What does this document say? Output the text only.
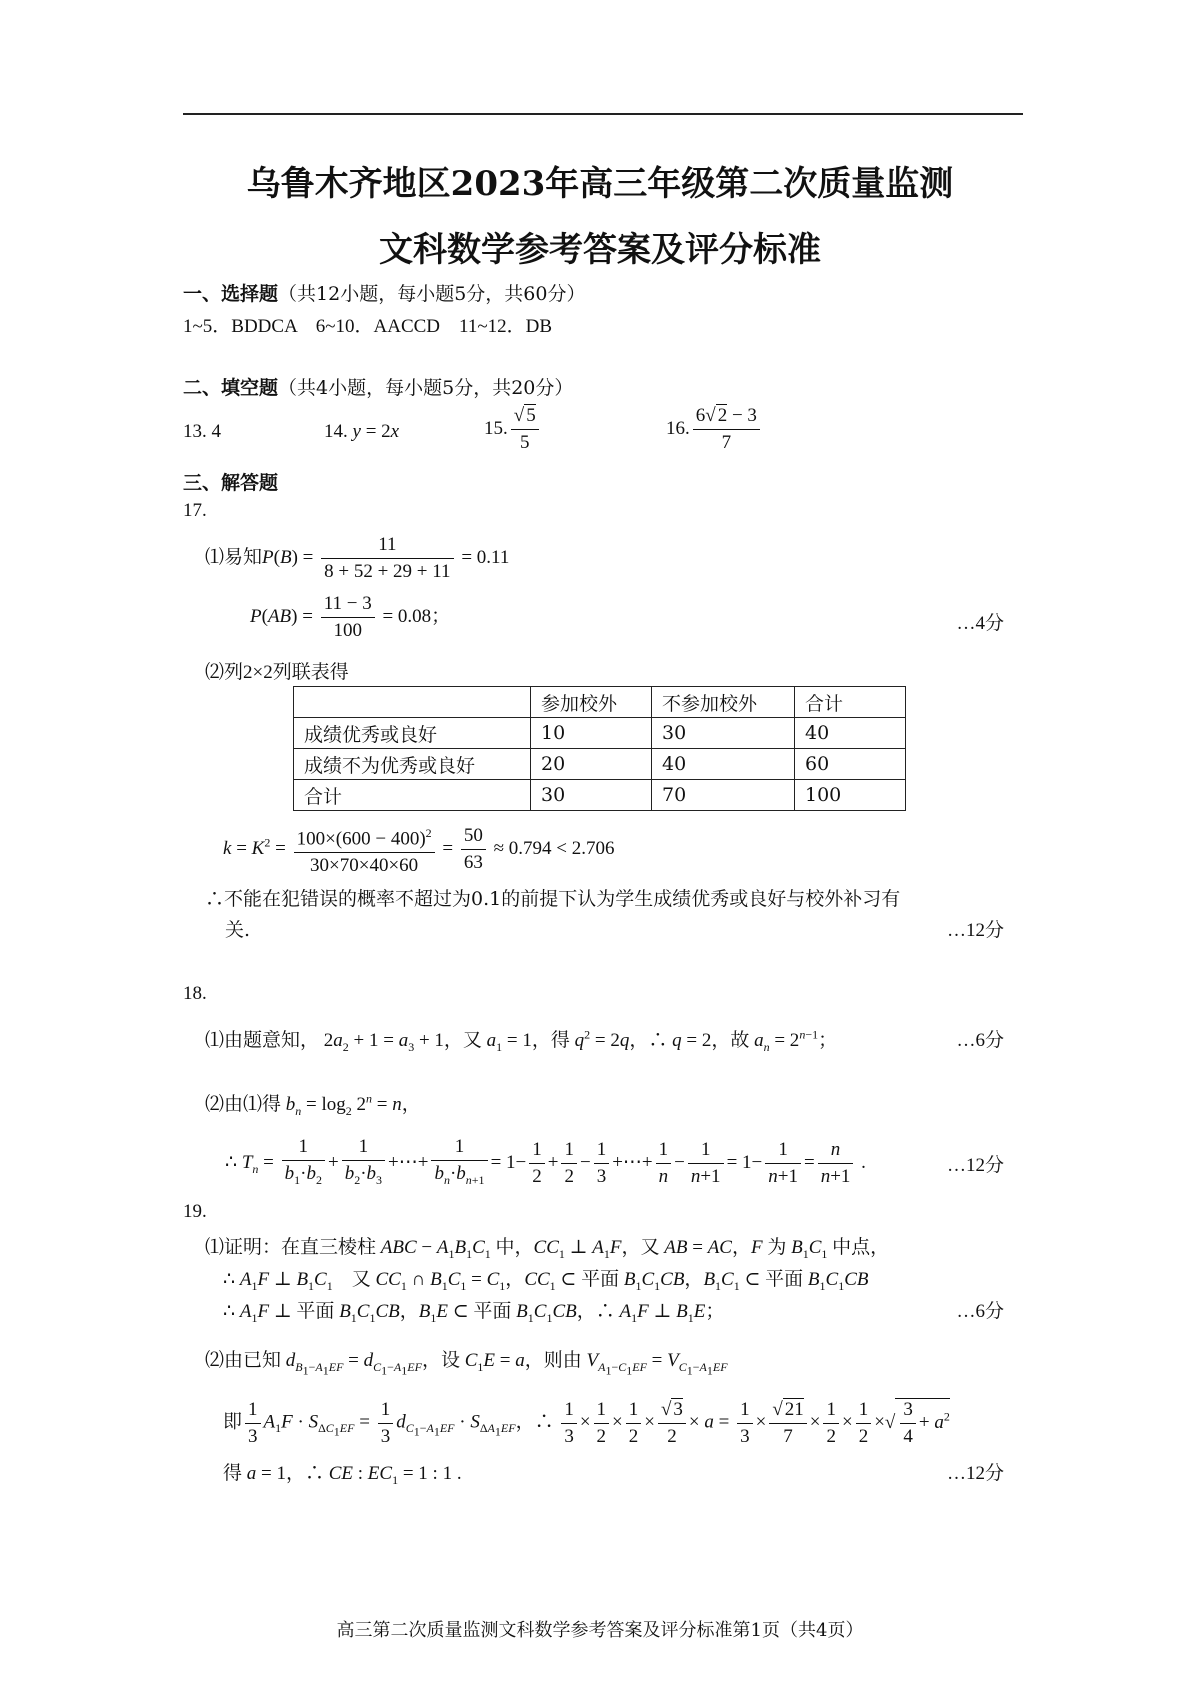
乌鲁木齐地区2023年高三年级第二次质量监测
文科数学参考答案及评分标准
一、选择题（共12小题，每小题5分，共60分）
1~5．BDDCA　6~10．AACCD　11~12．DB
二、填空题（共4小题，每小题5分，共20分）
13. 4	14. y = 2x	15. $\frac{√ 5}{5}$	16. $\frac{6√ 2 - 3}{7}$
三、解答题
17.
⑴易知$P(B) = \frac{11}{8 + 52 + 29 + 11} = 0.11$
$P(AB) = \frac{11 - 3}{100} = 0.08$；	…4分
⑵列2×2列联表得
	参加校外	不参加校外	合计
成绩优秀或良好	10	30	40
成绩不为优秀或良好	20	40	60
合计	30	70	100
$k = K^2 = \frac{100\times(600 - 400)^2}{30\times 70\times 40\times 60} = \frac{50}{63} \approx 0.794 < 2.706$
∴不能在犯错误的概率不超过为0.1的前提下认为学生成绩优秀或良好与校外补习有
关.	…12分
18.
⑴由题意知， $2a_2 + 1 = a_3 + 1$，又 $a_1 = 1$，得 $q^2 = 2q$，∴ q = 2，故 $a_n = 2^{n-1}$；	…6分
⑵由⑴得 $b_n = \log_2 2^n = n$，
∴ $T_n = \frac{1}{b_1\cdot b_2} + \frac{1}{b_2\cdot b_3}$ +⋯+ $\frac{1}{b_n\cdot b_{n+1}} = 1- \frac{1}{2} + \frac{1}{2} - \frac{1}{3}$ +⋯+ $\frac{1}{n} - \frac{1}{n+1} = 1- \frac{1}{n+1} = \frac{n}{n+1}$ .	…12分
19.
⑴证明：在直三棱柱 ABC − $A_1B_1C_1$ 中，$CC_1$ ⊥ $A_1F$，又 AB = AC，F 为 $B_1C_1$ 中点，
∴ $A_1F$ ⊥ $B_1C_1$　又 $CC_1$ ∩ $B_1C_1 = C_1$，$CC_1$ ⊂ 平面 $B_1C_1CB$，$B_1C_1$ ⊂ 平面 $B_1C_1CB$
∴ $A_1F$ ⊥ 平面 $B_1C_1CB$，$B_1E$ ⊂ 平面 $B_1C_1CB$，∴ $A_1F$ ⊥ $B_1E$；	…6分
⑵由已知 $d_{B_1-A_1EF} = d_{C_1-A_1EF}$，设 $C_1E = a$，则由 $V_{A_1-C_1EF} = V_{C_1-A_1EF}$
即 $\frac{1}{3} A_1F \cdot S_{\Delta C_1EF} = \frac{1}{3} d_{C_1-A_1EF} \cdot S_{\Delta A_1EF}$，∴ $\frac{1}{3} \times \frac{1}{2} \times \frac{1}{2} \times \frac{√ 3}{2} \times a = \frac{1}{3} \times \frac{√ 21}{7} \times \frac{1}{2} \times \frac{1}{2}$ ×√ $\frac{3}{4} + a^2$
得 a = 1，∴ CE : $EC_1 = 1$ : 1 .	…12分
高三第二次质量监测文科数学参考答案及评分标准第1页（共4页）
